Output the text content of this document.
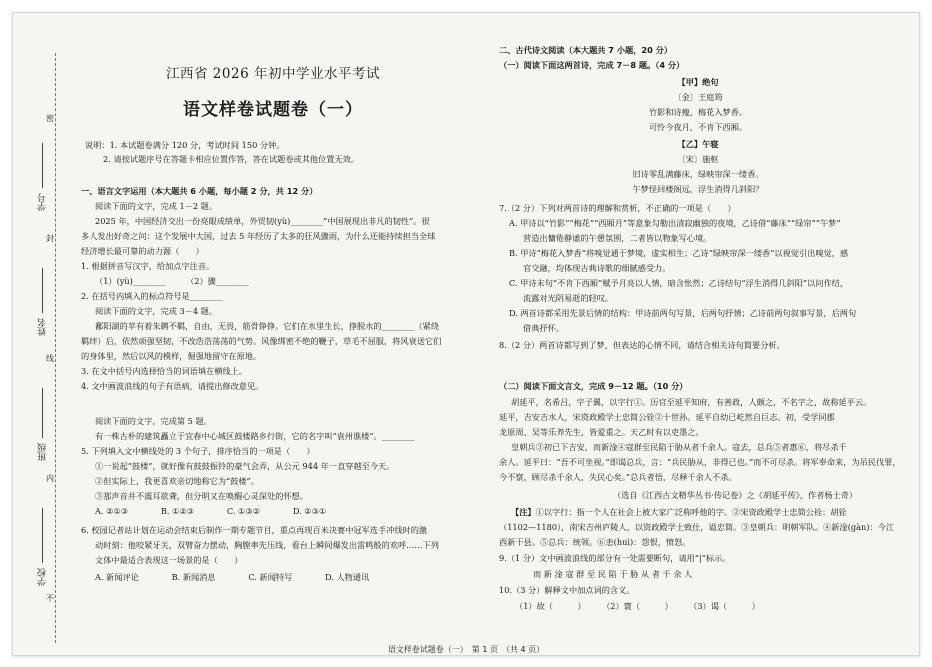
学号
姓名
班级
学校
密
封
线
内
不
江西省 2026 年初中学业水平考试
语文样卷试题卷（一）
说明：1. 本试题卷满分 120 分，考试时间 150 分钟。
2. 请按试题序号在答题卡相应位置作答，答在试题卷或其他位置无效。
一、语言文字运用（本大题共 6 小题，每小题 2 分，共 12 分）
阅读下面的文字，完成 1－2 题。
2025 年，中国经济交出一份亮眼成绩单，外贸韧(yù)________“中国展现出非凡的韧性”。很
多人发出好奇之问：这个发展中大国，过去 5 年经历了太多的狂风骤雨，为什么还能持续担当全球
经济增长最可靠的动力源（　　）
1. 根据拼音写汉字，给加点字注音。
（1）(yù)________　　　（2）骤________
2. 在括号内填入的标点符号是________
阅读下面的文字，完成 3－4 题。
鄱阳湖的苹有着朱鹮不羁，自由，无畏，筋骨铮铮。它们在水里生长，挣脱水的________（紧绕
羁绊）后，依然顽强坚韧，不改浩浩荡荡的气势。风像绑密不绝的鞭子，草毛不屈服，将风衰送它们
的身体里，然后以风的模样，倔强地留守在原地。
3. 在文中括号内选择恰当的词语填在横线上。
4. 文中画波浪线的句子有语病，请提出修改意见。
阅读下面的文字，完成第 5 题。
有一株古朴的建筑矗立于宜春中心城区鼓楼路乡行街，它的名字叫“袁州谯楼”。________
5. 下列填入文中横线处的 3 个句子，排序恰当的一项是（　　）
①一说起“鼓楼”，就好像有鼓鼓振铃的豪气会弄，从公元 944 年一直穿越至今天。
②但实际上，我更喜欢亲切地称它为“鼓楼”。
③那声音并不震耳欲聋，但分明又在唤醒心灵深处的怀想。
A. ②①③　　　　B. ①②③　　　　C. ①③②　　　　D. ②③①
6. 校园记者站计划在运动会结束后制作一期专题节目，重点再现百米决赛中冠军选手冲线时的激
动时刻：他咬紧牙关，双臂奋力摆动，胸膛率先压线，看台上瞬间爆发出雷鸣般的欢呼……下列
文体中最适合表现这一场景的是（　　）
A. 新闻评论　　　　B. 新闻消息　　　　C. 新闻特写　　　　D. 人物通讯
二、古代诗文阅读（本大题共 7 小题，20 分）
（一）阅读下面这两首诗，完成 7－8 题。（4 分）
【甲】绝句
〔金〕王庭筠
竹影和诗瘦，梅花入梦香。
可怜今夜月，不肯下西厢。
【乙】午寝
〔宋〕施枢
旧诗零乱满藤床，绿映帘深一缕香。
午梦怪回楼阁远，浮生消得几斜阳？
7.（2 分）下列对两首诗的理解和赏析，不正确的一项是（　　）
A. 甲诗以“竹影”“梅花”“西厢月”等意象勾勒出清寂幽独的夜境，乙诗借“藤床”“绿帘”“午梦”
营造出慵倦静谧的午憩氛围，二者皆以物象写心境。
B. 甲诗“梅花入梦香”将嗅觉通于梦境，虚实相生；乙诗“绿映帘深一缕香”以视觉引出嗅觉，感
官交融，均体现古典诗歌的细腻感受力。
C. 甲诗末句“不肯下西厢”赋予月亮以人情，暗含怅然；乙诗结句“浮生消得几斜阳”以问作结，
流露对光阴易逝的轻叹。
D. 两首诗都采用先景后情的结构：甲诗前两句写景，后两句抒情；乙诗前两句叙事写景，后两句
借典抒怀。
8.（2 分）两首诗都写到了梦，但表达的心情不同，请结合相关诗句简要分析。
（二）阅读下面文言文，完成 9－12 题。（10 分）
胡延平，名希吕，字子翼，以字行①。历官至延平知府，有善政，人颇之，不名字之，故称延平云。
延平，吉安吉水人，宋资政殿学士忠简公铨②十世孙。延平自幼已屹然自巨志。初，受学同郡
龙原周、吴等乐养先生，皆爱重之。天乙时有以吏墨之。
皇朝兵③初已下吉安，而新淦④寇群至民陷于胁从者千余人。寇去，总兵⑤者惠⑥，将尽杀千
余人。延平曰：“吾不可坐视。”即谒总兵，言：“兵民胁从，非得已也。”而不可尽杀。将军奉命来，为吊民伐罪，
今不察，顾尽杀千余人，失民心矣。”总兵者悟，尽释千余人不杀。
（选自《江西古文精华丛书·传记卷》之《胡延平传》，作者杨士奇）
【注】①以字行：指一个人在社会上被大家广泛称呼他的字。②宋资政殿学士忠简公铨：胡铨
（1102—1180），南宋吉州庐陵人，以资政殿学士致仕，谥忠简。③皇朝兵：明朝军队。④新淦(gàn)：今江
西新干县。⑤总兵：统领。⑥恚(huì)：怨恨，愤怒。
9.（1 分）文中画波浪线的部分有一处需要断句，请用“|”标示。
而 新 淦 寇 群 至 民 陷 于 胁 从 者 千 余 人
10.（3 分）解释文中加点词的含义。
（1）故（　　　）　　　（2）寰（　　　）　　　（3）谒（　　　）
语文样卷试题卷（一）　第 1 页　（共 4 页）
